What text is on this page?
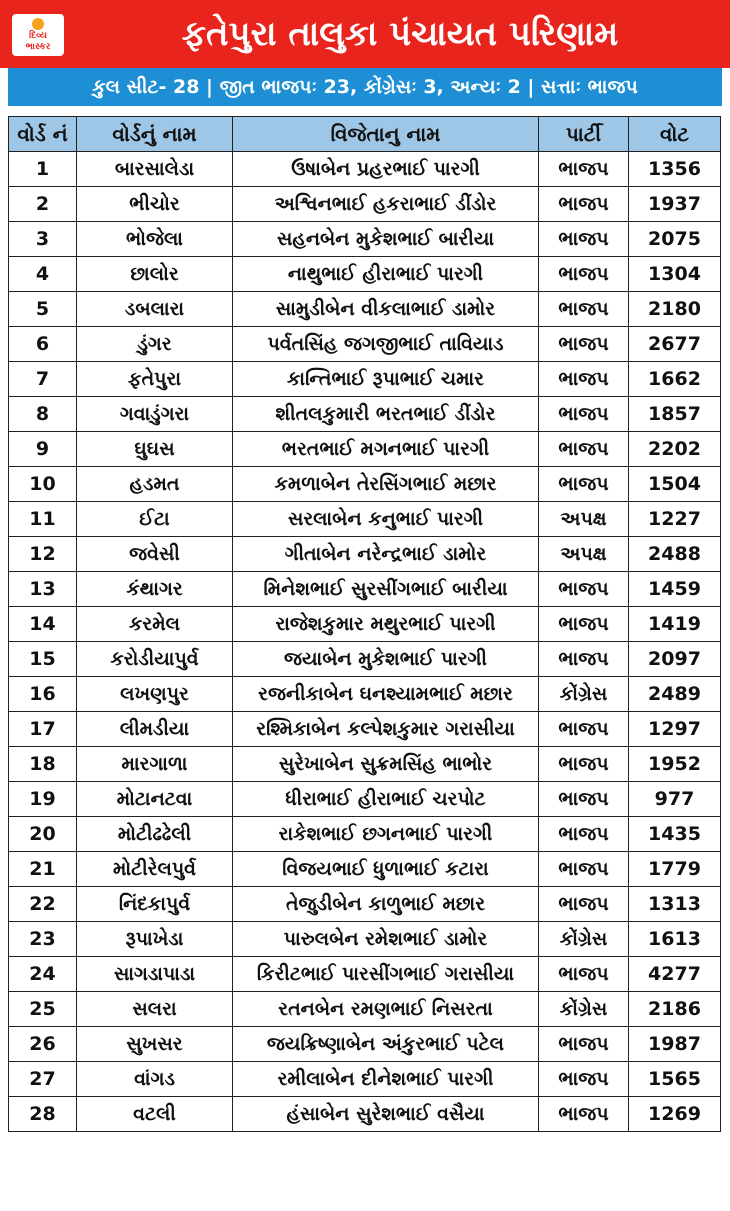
દિવ્ય
ભાસ્કર	ફતેપુરા તાલુકા પંચાયત પરિણામ
કુલ સીટ- 28 | જીત ભાજપઃ 23, કોંગ્રેસઃ 3, અન્યઃ 2 | સત્તાઃ ભાજપ
વોર્ડ નં	વોર્ડનું નામ	વિજેતાનુ નામ	પાર્ટી	વોટ
1	બારસાલેડા	ઉષાબેન પ્રહરભાઈ પારગી	ભાજપ	1356
2	ભીચોર	અશ્વિનભાઈ હકરાભાઈ ડીંડોર	ભાજપ	1937
3	ભોજેલા	સહનબેન મુકેશભાઈ બારીયા	ભાજપ	2075
4	છાલોર	નાથુભાઈ હીરાભાઈ પારગી	ભાજપ	1304
5	ડબલારા	સામુડીબેન વીકલાભાઈ ડામોર	ભાજપ	2180
6	ડુંગર	પર્વતસિંહ જગજીભાઈ તાવિયાડ	ભાજપ	2677
7	ફતેપુરા	કાન્તિભાઈ રૂપાભાઈ ચમાર	ભાજપ	1662
8	ગવાડુંગરા	શીતલકુમારી ભરતભાઈ ડીંડોર	ભાજપ	1857
9	ઘુઘસ	ભરતભાઈ મગનભાઈ પારગી	ભાજપ	2202
10	હડમત	કમળાબેન તેરસિંગભાઈ મછાર	ભાજપ	1504
11	ઈટા	સરલાબેન કનુભાઈ પારગી	અપક્ષ	1227
12	જવેસી	ગીતાબેન નરેન્દ્રભાઈ ડામોર	અપક્ષ	2488
13	કંથાગર	મિનેશભાઈ સુરસીંગભાઈ બારીયા	ભાજપ	1459
14	કરમેલ	રાજેશકુમાર મથુરભાઈ પારગી	ભાજપ	1419
15	કરોડીયાપુર્વ	જયાબેન મુકેશભાઈ પારગી	ભાજપ	2097
16	લખણપુર	રજનીકાબેન ઘનશ્યામભાઈ મછાર	કોંગ્રેસ	2489
17	લીમડીયા	રશ્મિકાબેન કલ્પેશકુમાર ગરાસીયા	ભાજપ	1297
18	મારગાળા	સુરેખાબેન સુક્રમસિંહ ભાભોર	ભાજપ	1952
19	મોટાનટવા	ધીરાભાઈ હીરાભાઈ ચરપોટ	ભાજપ	977
20	મોટીઢઢેલી	રાકેશભાઈ છગનભાઈ પારગી	ભાજપ	1435
21	મોટીરેલપુર્વ	વિજયભાઈ ધુળાભાઈ કટારા	ભાજપ	1779
22	નિંદકાપુર્વ	તેજુડીબેન કાળુભાઈ મછાર	ભાજપ	1313
23	રૂપાખેડા	પારુલબેન રમેશભાઈ ડામોર	કોંગ્રેસ	1613
24	સાગડાપાડા	કિરીટભાઈ પારસીંગભાઈ ગરાસીયા	ભાજપ	4277
25	સલરા	રતનબેન રમણભાઈ નિસરતા	કોંગ્રેસ	2186
26	સુખસર	જયક્રિષ્ણાબેન અંકુરભાઈ પટેલ	ભાજપ	1987
27	વાંગડ	રમીલાબેન દીનેશભાઈ પારગી	ભાજપ	1565
28	વટલી	હંસાબેન સુરેશભાઈ વસૈયા	ભાજપ	1269
